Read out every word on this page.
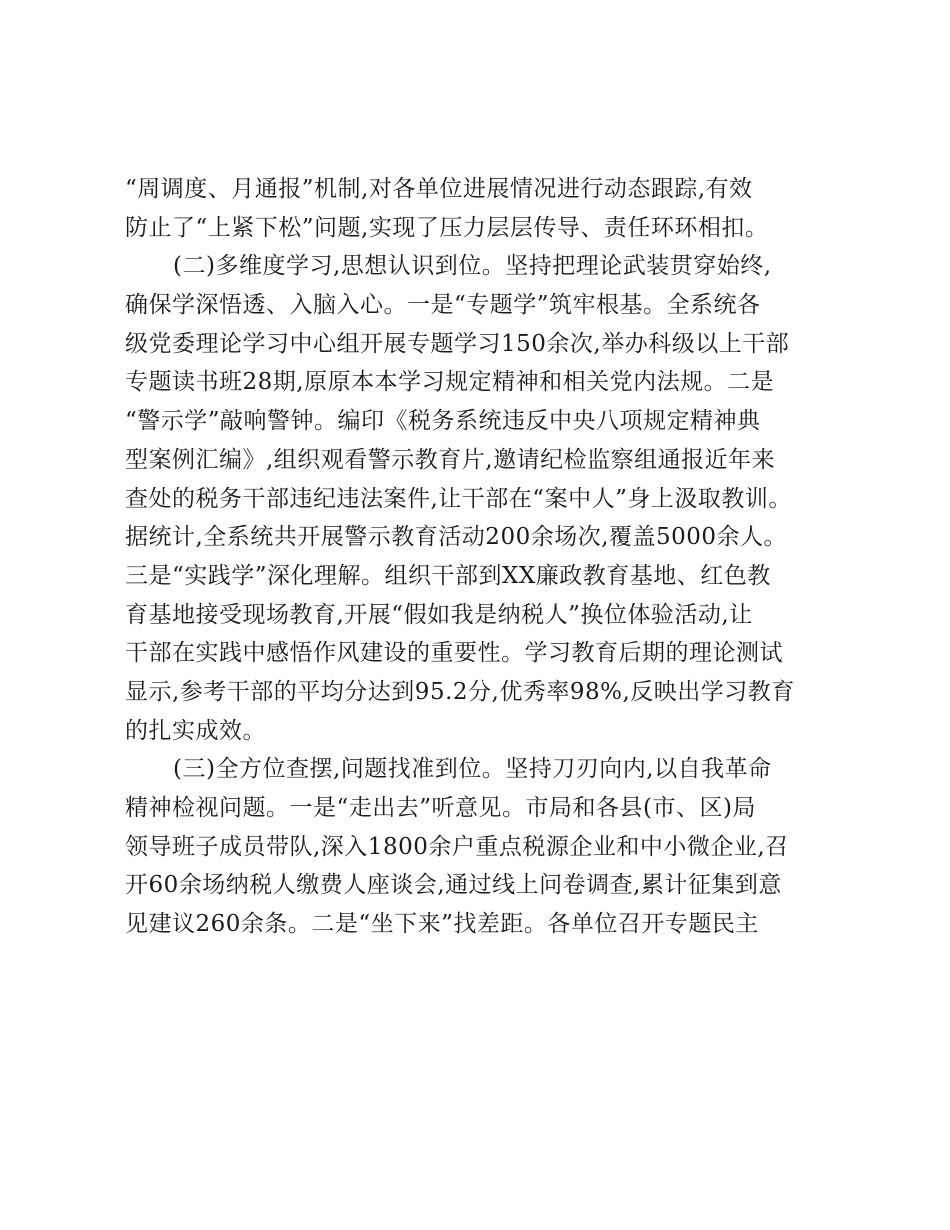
“周调度、月通报”机制,对各单位进展情况进行动态跟踪,有效
防止了“上紧下松”问题,实现了压力层层传导、责任环环相扣。
(二)多维度学习,思想认识到位。坚持把理论武装贯穿始终,
确保学深悟透、入脑入心。一是“专题学”筑牢根基。全系统各
级党委理论学习中心组开展专题学习150余次,举办科级以上干部
专题读书班28期,原原本本学习规定精神和相关党内法规。二是
“警示学”敲响警钟。编印《税务系统违反中央八项规定精神典
型案例汇编》,组织观看警示教育片,邀请纪检监察组通报近年来
查处的税务干部违纪违法案件,让干部在“案中人”身上汲取教训。
据统计,全系统共开展警示教育活动200余场次,覆盖5000余人。
三是“实践学”深化理解。组织干部到XX廉政教育基地、红色教
育基地接受现场教育,开展“假如我是纳税人”换位体验活动,让
干部在实践中感悟作风建设的重要性。学习教育后期的理论测试
显示,参考干部的平均分达到95.2分,优秀率98%,反映出学习教育
的扎实成效。
(三)全方位查摆,问题找准到位。坚持刀刃向内,以自我革命
精神检视问题。一是“走出去”听意见。市局和各县(市、区)局
领导班子成员带队,深入1800余户重点税源企业和中小微企业,召
开60余场纳税人缴费人座谈会,通过线上问卷调查,累计征集到意
见建议260余条。二是“坐下来”找差距。各单位召开专题民主
